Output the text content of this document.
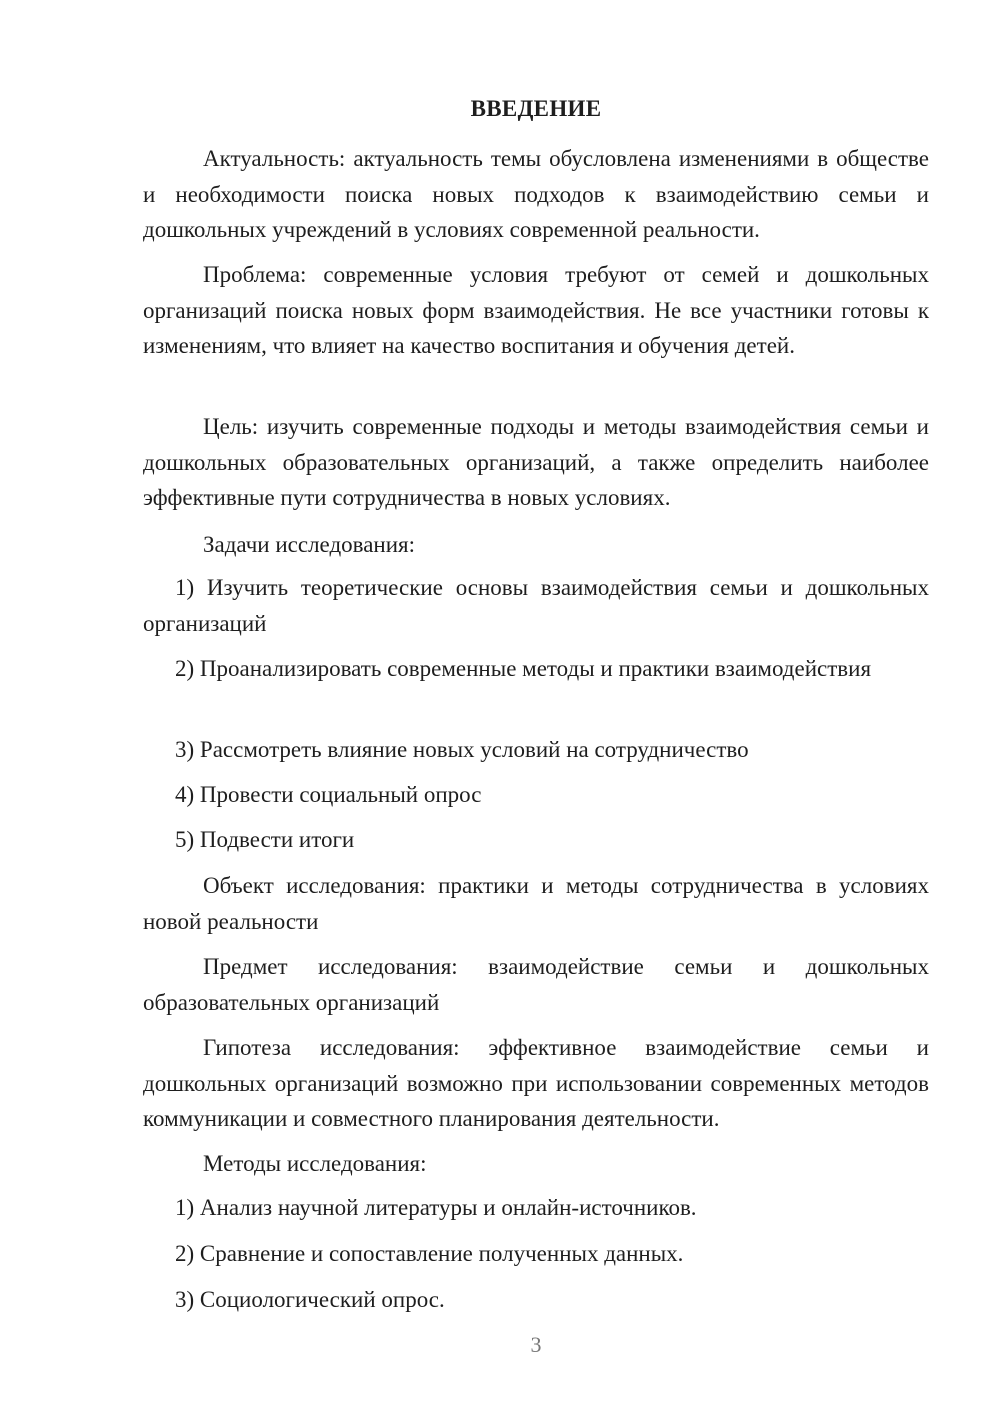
ВВЕДЕНИЕ

Актуальность: актуальность темы обусловлена изменениями в обществе и необходимости поиска новых подходов к взаимодействию семьи и дошкольных учреждений в условиях современной реальности.

Проблема: современные условия требуют от семей и дошкольных организаций поиска новых форм взаимодействия. Не все участники готовы к изменениям, что влияет на качество воспитания и обучения детей.

Цель: изучить современные подходы и методы взаимодействия семьи и дошкольных образовательных организаций, а также определить наиболее эффективные пути сотрудничества в новых условиях.

Задачи исследования:

1) Изучить теоретические основы взаимодействия семьи и дошкольных организаций

2) Проанализировать современные методы и практики взаимодействия

3) Рассмотреть влияние новых условий на сотрудничество
4) Провести социальный опрос
5) Подвести итоги

Объект исследования: практики и методы сотрудничества в условиях новой реальности

Предмет исследования: взаимодействие семьи и дошкольных образовательных организаций

Гипотеза исследования: эффективное взаимодействие семьи и дошкольных организаций возможно при использовании современных методов коммуникации и совместного планирования деятельности.

Методы исследования:
1) Анализ научной литературы и онлайн-источников.
2) Сравнение и сопоставление полученных данных.
3) Социологический опрос.
3
